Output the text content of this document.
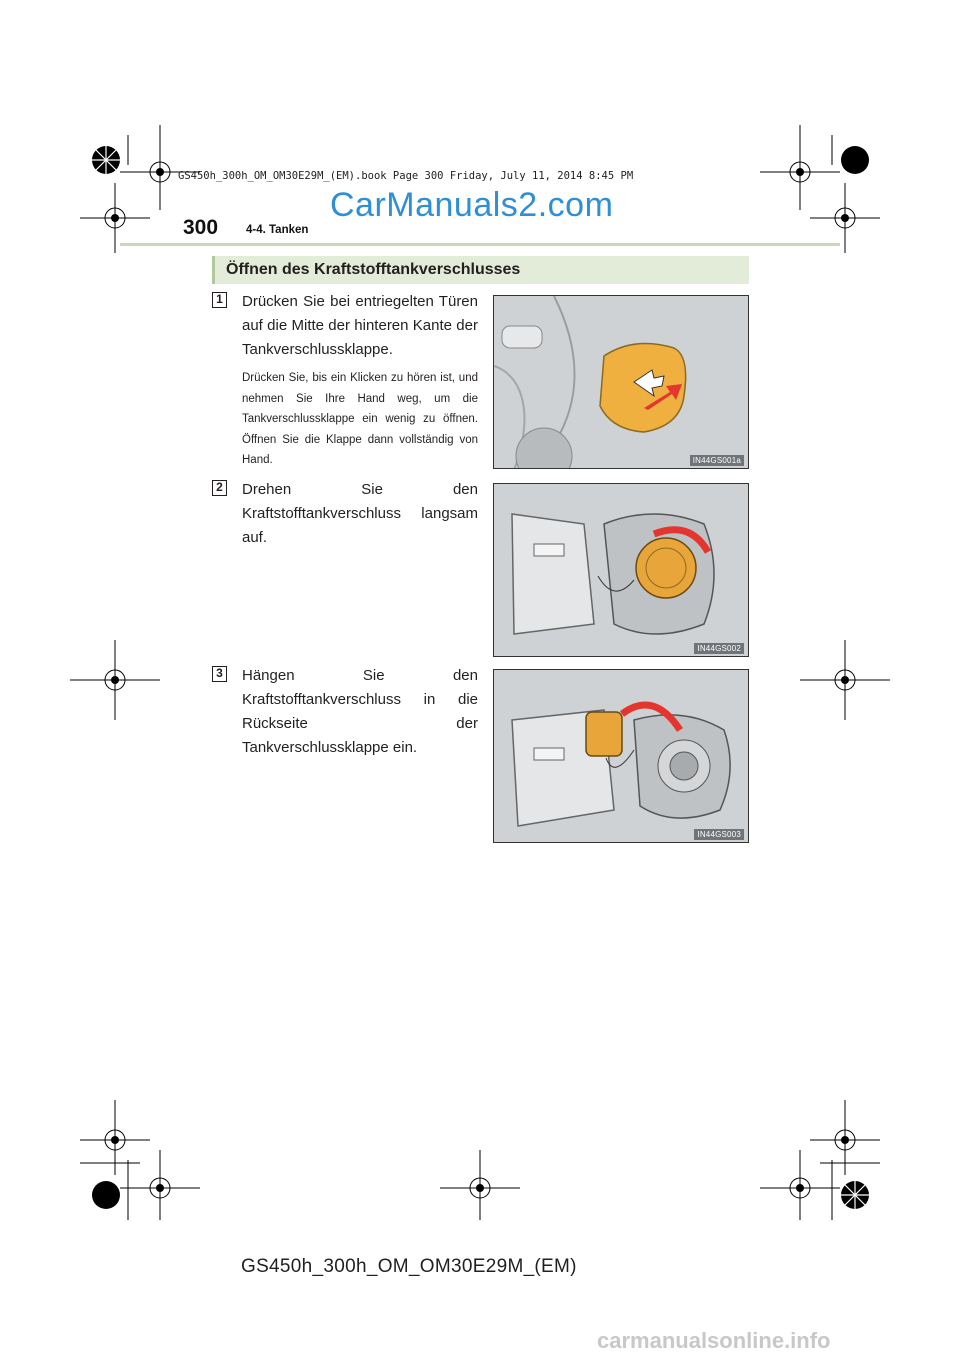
GS450h_300h_OM_OM30E29M_(EM).book Page 300 Friday, July 11, 2014 8:45 PM
CarManuals2.com
300 4-4. Tanken
Öffnen des Kraftstofftankverschlusses
1 Drücken Sie bei entriegelten Türen auf die Mitte der hinteren Kante der Tankverschlussklappe.
Drücken Sie, bis ein Klicken zu hören ist, und nehmen Sie Ihre Hand weg, um die Tankverschlussklappe ein wenig zu öffnen. Öffnen Sie die Klappe dann vollständig von Hand.	IN44GS001a
2 Drehen Sie den Kraftstofftankverschluss langsam auf.
IN44GS002
3 Hängen Sie den Kraftstofftankverschluss in die Rückseite der Tankverschlussklappe ein.
IN44GS003
GS450h_300h_OM_OM30E29M_(EM)
carmanualsonline.info
